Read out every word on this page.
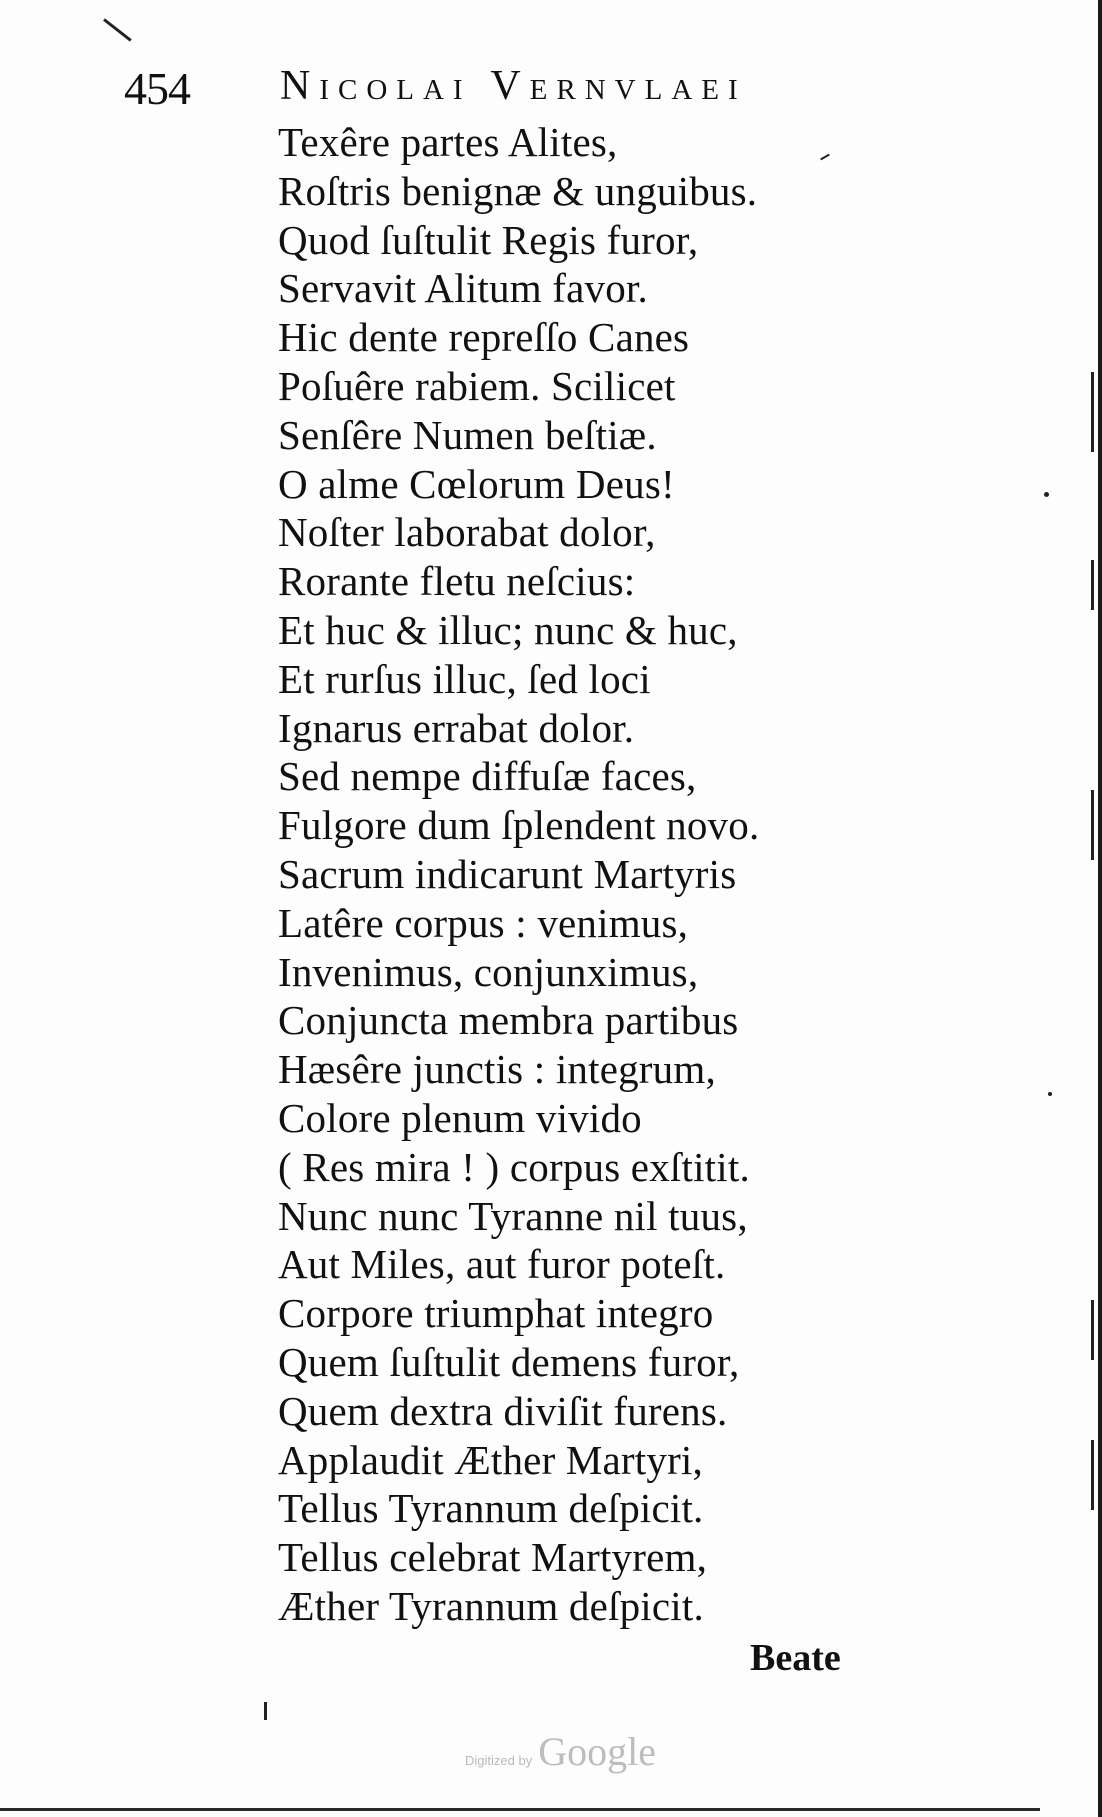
454 Nicolai Vernvlaei
Texêre partes Alites,
Roſtris benignæ & unguibus.
Quod ſuſtulit Regis furor,
Servavit Alitum favor.
Hic dente repreſſo Canes
Poſuêre rabiem. Scilicet
Senſêre Numen beſtiæ.
O alme Cœlorum Deus!
Noſter laborabat dolor,
Rorante fletu neſcius:
Et huc & illuc; nunc & huc,
Et rurſus illuc, ſed loci
Ignarus errabat dolor.
Sed nempe diffuſæ faces,
Fulgore dum ſplendent novo.
Sacrum indicarunt Martyris
Latêre corpus : venimus,
Invenimus, conjunximus,
Conjuncta membra partibus
Hæsêre junctis : integrum,
Colore plenum vivido
( Res mira ! ) corpus exſtitit.
Nunc nunc Tyranne nil tuus,
Aut Miles, aut furor poteſt.
Corpore triumphat integro
Quem ſuſtulit demens furor,
Quem dextra diviſit furens.
Applaudit Æther Martyri,
Tellus Tyrannum deſpicit.
Tellus celebrat Martyrem,
Æther Tyrannum deſpicit.
Beate
Digitized by Google
